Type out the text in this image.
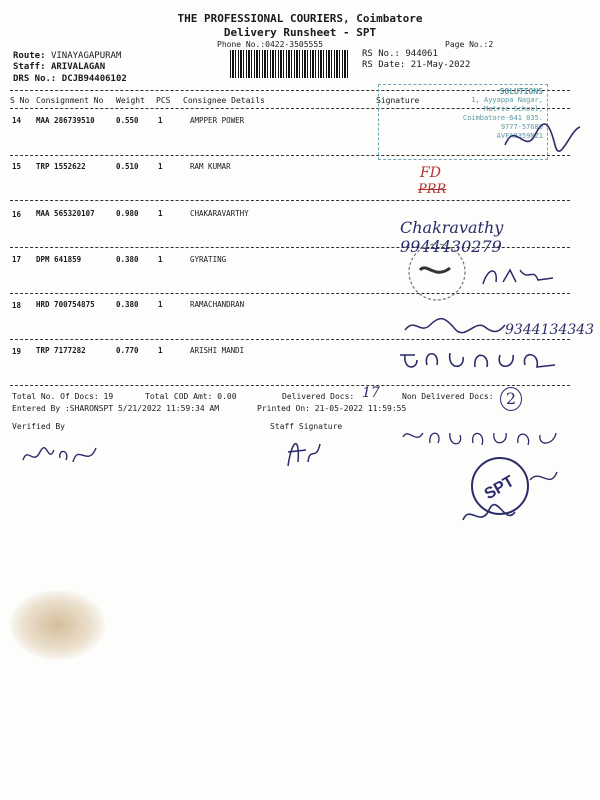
THE PROFESSIONAL COURIERS, Coimbatore
Delivery Runsheet - SPT
Phone No.:0422-3505555	Page No.:2
Route: VINAYAGAPURAM
Staff: ARIVALAGAN
DRS No.: DCJB94406102
RS No.: 944061
RS Date: 21-May-2022
S No Consignment No Weight PCS Consignee Details	Signature
14 MAA 286739510	0.550	1	AMPPER POWER
15 TRP 1552622	0.510	1	RAM KUMAR
16 MAA 565320107	0.980	1	CHAKARAVARTHY
17 DPM 641859	0.380	1	GYRATING
18 HRD 700754875	0.380	1	RAMACHANDRAN
19 TRP 7177282	0.770	1	ARISHI MANDI
SOLUTIONS
1, Ayyappa Nagar,
Matric School,
Coimbatore-641 035.
9777-57680
AVFA8359NZ1
FD
PRR
Chakravathy 9944430279
9344134343
Total No. Of Docs: 19	Total COD Amt: 0.00	Delivered Docs: 17	Non Delivered Docs: 2
Entered By :SHARONSPT 5/21/2022 11:59:34 AM	Printed On: 21-05-2022 11:59:55
Verified By	Staff Signature
SPT
